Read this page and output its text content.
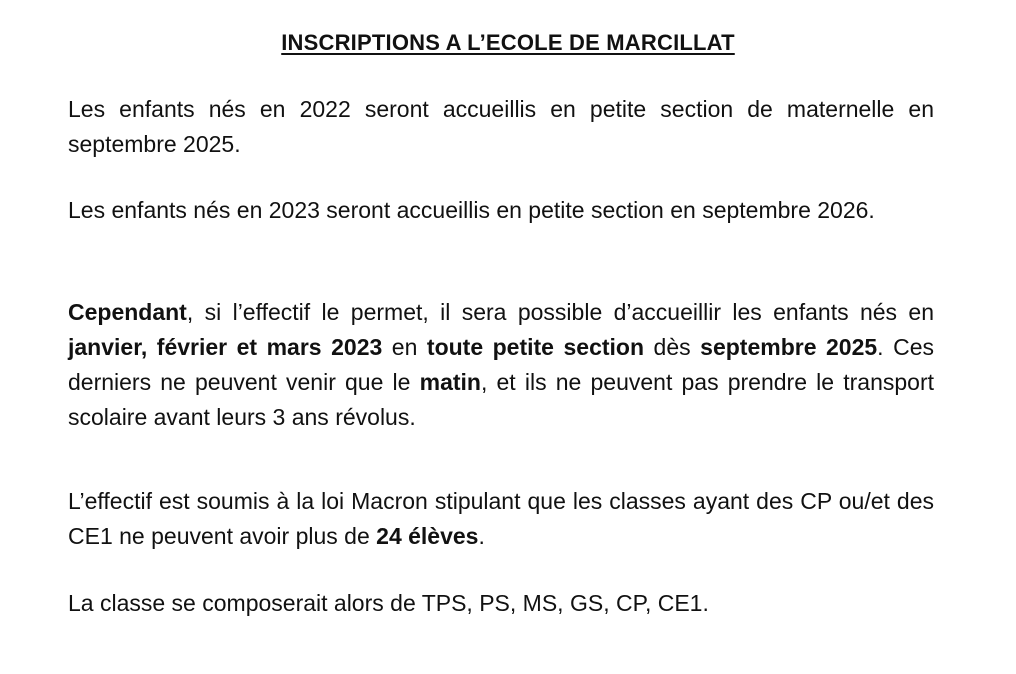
INSCRIPTIONS A L’ECOLE DE MARCILLAT

Les enfants nés en 2022 seront accueillis en petite section de maternelle en septembre 2025.

Les enfants nés en 2023 seront accueillis en petite section en septembre 2026.

Cependant, si l’effectif le permet, il sera possible d’accueillir les enfants nés en janvier, février et mars 2023 en toute petite section dès septembre 2025. Ces derniers ne peuvent venir que le matin, et ils ne peuvent pas prendre le transport scolaire avant leurs 3 ans révolus.

L’effectif est soumis à la loi Macron stipulant que les classes ayant des CP ou/et des CE1 ne peuvent avoir plus de 24 élèves.

La classe se composerait alors de TPS, PS, MS, GS, CP, CE1.
